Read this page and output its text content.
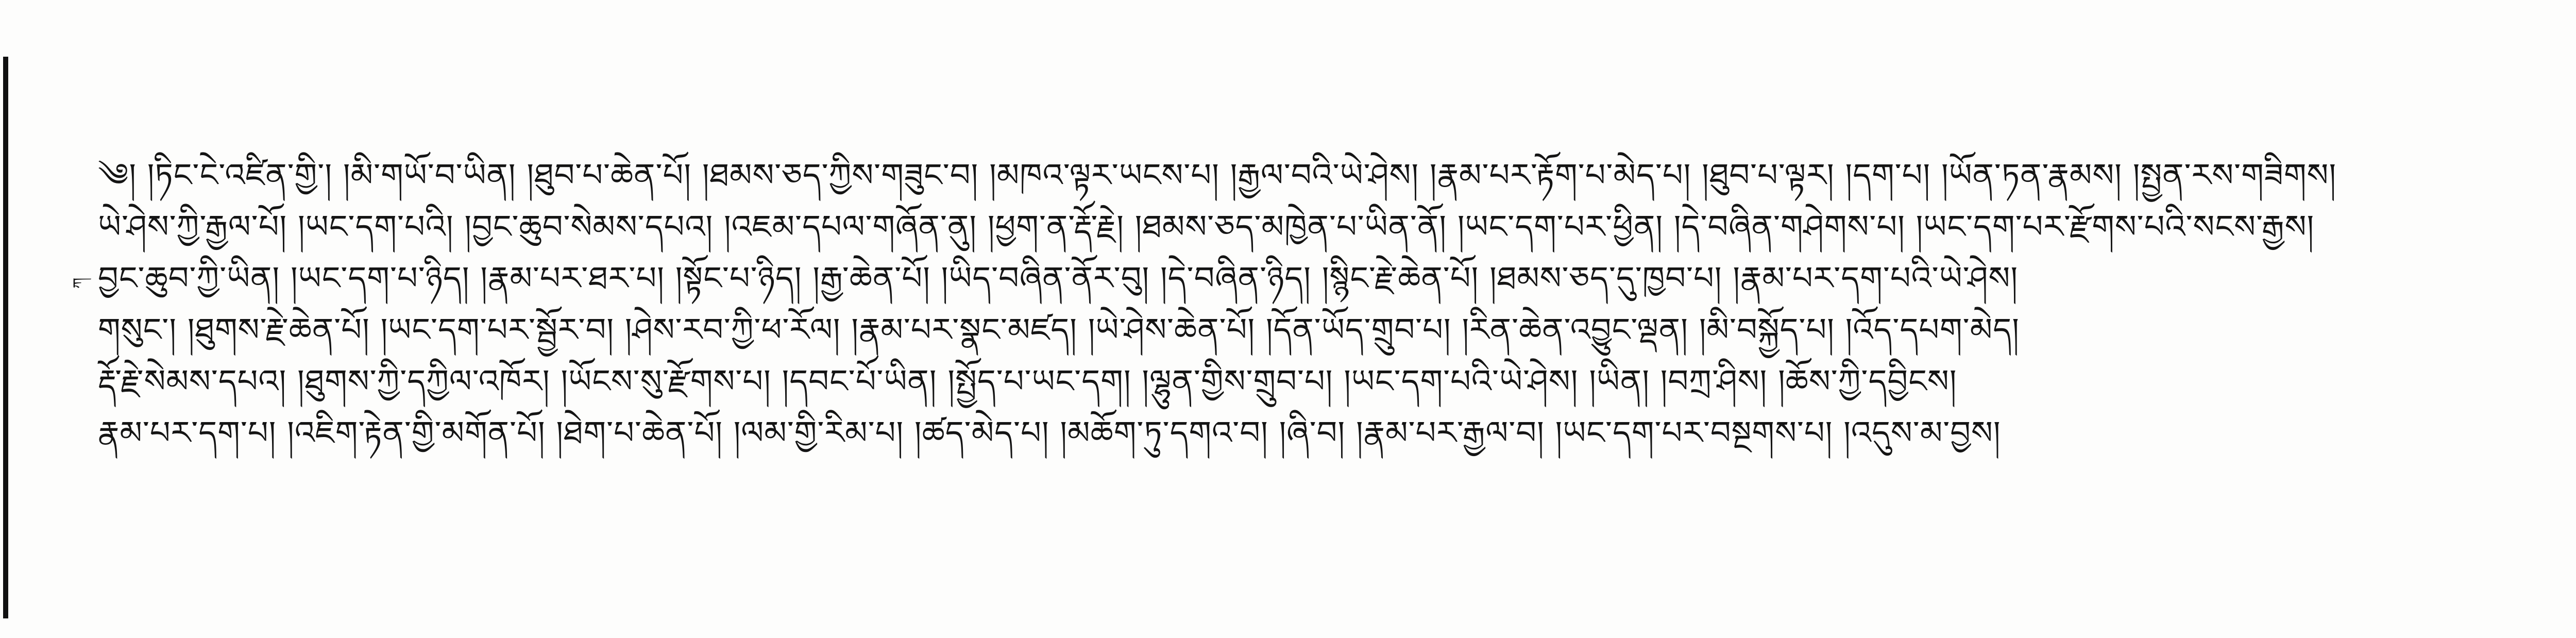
ཀ
༄། །ཏིང་ངེ་འཛིན་གྱི་། །མི་གཡོ་བ་ཡིན། །ཐུབ་པ་ཆེན་པོ། །ཐམས་ཅད་ཀྱིས་གཟུང་བ། །མཁའ་ལྟར་ཡངས་པ། །རྒྱལ་བའི་ཡེ་ཤེས། །རྣམ་པར་རྟོག་པ་མེད་པ། །ཐུབ་པ་ལྟར། །དག་པ། །ཡོན་ཏན་རྣམས། །སྤྱན་རས་གཟིགས།
ཡེ་ཤེས་ཀྱི་རྒྱལ་པོ། །ཡང་དག་པའི། །བྱང་ཆུབ་སེམས་དཔའ། །འཇམ་དཔལ་གཞོན་ནུ། །ཕྱག་ན་རྡོ་རྗེ། །ཐམས་ཅད་མཁྱེན་པ་ཡིན་ནོ། །ཡང་དག་པར་ཕྱིན། །དེ་བཞིན་གཤེགས་པ། །ཡང་དག་པར་རྫོགས་པའི་སངས་རྒྱས།
བྱང་ཆུབ་ཀྱི་ཡིན། །ཡང་དག་པ་ཉིད། །རྣམ་པར་ཐར་པ། །སྟོང་པ་ཉིད། །རྒྱ་ཆེན་པོ། །ཡིད་བཞིན་ནོར་བུ། །དེ་བཞིན་ཉིད། །སྙིང་རྗེ་ཆེན་པོ། །ཐམས་ཅད་དུ་ཁྱབ་པ། །རྣམ་པར་དག་པའི་ཡེ་ཤེས།
གསུང་། །ཐུགས་རྗེ་ཆེན་པོ། །ཡང་དག་པར་སྦྱོར་བ། །ཤེས་རབ་ཀྱི་ཕ་རོལ། །རྣམ་པར་སྣང་མཛད། །ཡེ་ཤེས་ཆེན་པོ། །དོན་ཡོད་གྲུབ་པ། །རིན་ཆེན་འབྱུང་ལྡན། །མི་བསྐྱོད་པ། །འོད་དཔག་མེད།
རྡོ་རྗེ་སེམས་དཔའ། །ཐུགས་ཀྱི་དཀྱིལ་འཁོར། །ཡོངས་སུ་རྫོགས་པ། །དབང་པོ་ཡིན། །སྤྱོད་པ་ཡང་དག། །ལྷུན་གྱིས་གྲུབ་པ། །ཡང་དག་པའི་ཡེ་ཤེས། །ཡིན། །བཀྲ་ཤིས། །ཆོས་ཀྱི་དབྱིངས།
རྣམ་པར་དག་པ། །འཇིག་རྟེན་གྱི་མགོན་པོ། །ཐེག་པ་ཆེན་པོ། །ལམ་གྱི་རིམ་པ། །ཚད་མེད་པ། །མཆོག་ཏུ་དགའ་བ། །ཞི་བ། །རྣམ་པར་རྒྱལ་བ། །ཡང་དག་པར་བསྔགས་པ། །འདུས་མ་བྱས།
